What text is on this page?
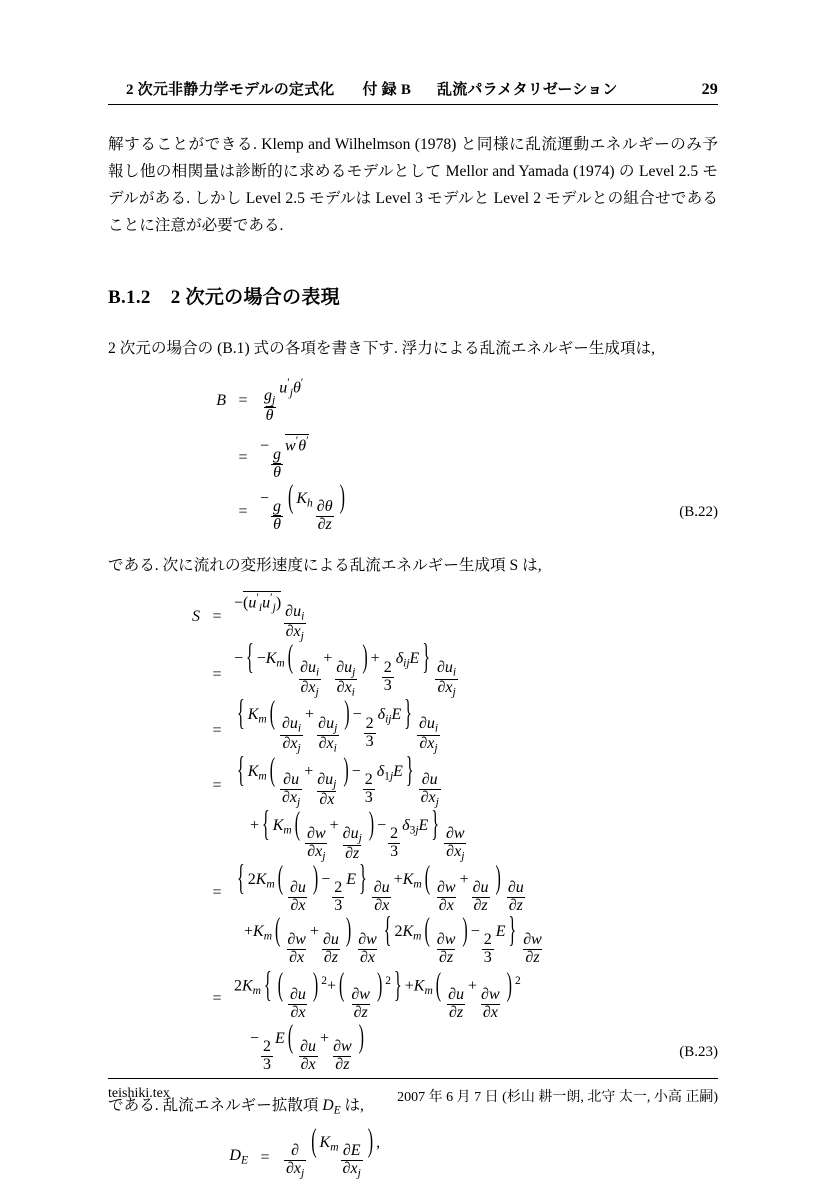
2 次元非静力学モデルの定式化 付 録 B 乱流パラメタリゼーション	29

解することができる. Klemp and Wilhelmson (1978) と同様に乱流運動エネルギーのみ予報し他の相関量は診断的に求めるモデルとして Mellor and Yamada (1974) の Level 2.5 モデルがある. しかし Level 2.5 モデルは Level 3 モデルと Level 2 モデルとの組合せであることに注意が必要である.

B.1.2 2 次元の場合の表現

2 次元の場合の (B.1) 式の各項を書き下す. 浮力による乱流エネルギー生成項は,

$B = \frac{g_j}{\theta}$
$u'_j\theta'$
=
−
$\frac{g}{\theta}$
w′θ′
=
−
$\frac{g}{\theta}$
( $K_h \frac{\partial\theta}{\partial z}$
)	(B.22)

である. 次に流れの変形速度による乱流エネルギー生成項 S は,

S =
$-(u'_iu'_j)$
$\frac{\partial u_i}{\partial x_j}$
=
− { $-K_m$ (
$\frac{\partial u_i}{\partial x_j}$
+
$\frac{\partial u_j}{\partial x_i}$
) +
$\frac{2}{3}$
$\delta_{ij}E$ }
$\frac{\partial u_i}{\partial x_j}$
= { $K_m$ (
$\frac{\partial u_i}{\partial x_j}$
+
$\frac{\partial u_j}{\partial x_i}$
) −
$\frac{2}{3}$
$\delta_{ij}E$ }
$\frac{\partial u_i}{\partial x_j}$
= { $K_m$ (
$\frac{\partial u}{\partial x_j}$
+
$\frac{\partial u_j}{\partial x}$
) −
$\frac{2}{3}$
$\delta_{1j}E$ }
$\frac{\partial u}{\partial x_j}$
+ { $K_m$ (
$\frac{\partial w}{\partial x_j}$
+
$\frac{\partial u_j}{\partial z}$
) −
$\frac{2}{3}$
$\delta_{3j}E$ }
$\frac{\partial w}{\partial x_j}$
= { $2K_m$ (
$\frac{\partial u}{\partial x}$
) −
$\frac{2}{3}$
E } $\frac{\partial u}{\partial x}$
$+K_m$ (
$\frac{\partial w}{\partial x}$
+
$\frac{\partial u}{\partial z}$
)
$\frac{\partial u}{\partial z}$
$+K_m$ (
$\frac{\partial w}{\partial x}$
+
$\frac{\partial u}{\partial z}$
)
$\frac{\partial w}{\partial x}$ { $2K_m$ (
$\frac{\partial w}{\partial z}$
) −
$\frac{2}{3}$
E } $\frac{\partial w}{\partial z}$
=
$2K_m$ { (
$\frac{\partial u}{\partial x}$
) $^2$+ (
$\frac{\partial w}{\partial z}$
) $^2$ } $+K_m$ (
$\frac{\partial u}{\partial z}$
+
$\frac{\partial w}{\partial x}$
) $^2$
−
$\frac{2}{3}$
E (
$\frac{\partial u}{\partial x}$
+
$\frac{\partial w}{\partial z}$
)	(B.23)

である. 乱流エネルギー拡散項 $D_E$ は,

$D_E = \frac{\partial}{\partial x_j}$
( $K_m \frac{\partial E}{\partial x_j}$
) ,
teishiki.tex	2007 年 6 月 7 日 (杉山 耕一朗, 北守 太一, 小高 正嗣)
